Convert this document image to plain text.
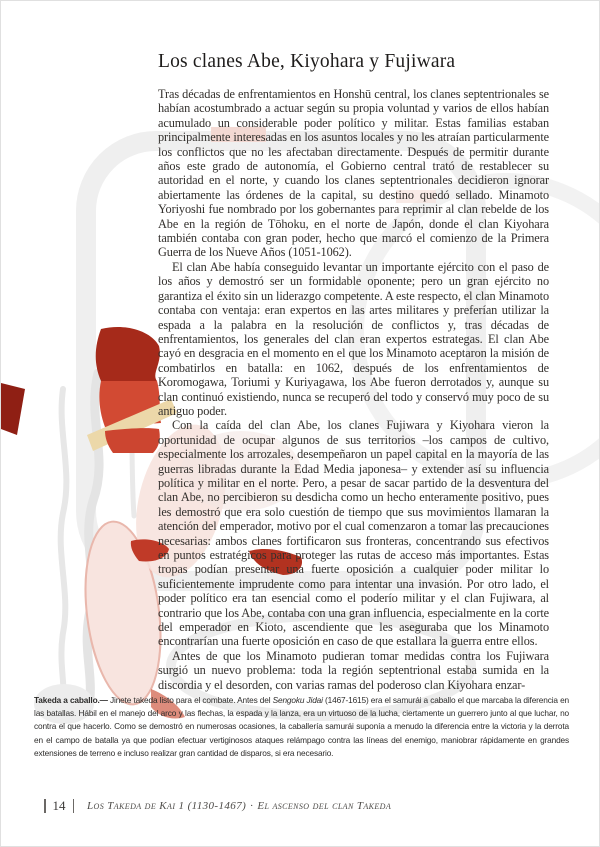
Los clanes Abe, Kiyohara y Fujiwara

Tras décadas de enfrentamientos en Honshū central, los clanes septentrionales se habían acostumbrado a actuar según su propia voluntad y varios de ellos habían acumulado un considerable poder político y militar. Estas familias estaban principalmente interesadas en los asuntos locales y no les atraían particularmente los conflictos que no les afectaban directamente. Después de permitir durante años este grado de autonomía, el Gobierno central trató de restablecer su autoridad en el norte, y cuando los clanes septentrionales decidieron ignorar abiertamente las órdenes de la capital, su destino quedó sellado. Minamoto Yoriyoshi fue nombrado por los gobernantes para reprimir al clan rebelde de los Abe en la región de Tōhoku, en el norte de Japón, donde el clan Kiyohara también contaba con gran poder, hecho que marcó el comienzo de la Primera Guerra de los Nueve Años (1051-1062).

El clan Abe había conseguido levantar un importante ejército con el paso de los años y demostró ser un formidable oponente; pero un gran ejército no garantiza el éxito sin un liderazgo competente. A este respecto, el clan Minamoto contaba con ventaja: eran expertos en las artes militares y preferían utilizar la espada a la palabra en la resolución de conflictos y, tras décadas de enfrentamientos, los generales del clan eran expertos estrategas. El clan Abe cayó en desgracia en el momento en el que los Minamoto aceptaron la misión de combatirlos en batalla: en 1062, después de los enfrentamientos de Koromogawa, Toriumi y Kuriyagawa, los Abe fueron derrotados y, aunque su clan continuó existiendo, nunca se recuperó del todo y conservó muy poco de su antiguo poder.

Con la caída del clan Abe, los clanes Fujiwara y Kiyohara vieron la oportunidad de ocupar algunos de sus territorios –los campos de cultivo, especialmente los arrozales, desempeñaron un papel capital en la mayoría de las guerras libradas durante la Edad Media japonesa– y extender así su influencia política y militar en el norte. Pero, a pesar de sacar partido de la desventura del clan Abe, no percibieron su desdicha como un hecho enteramente positivo, pues les demostró que era solo cuestión de tiempo que sus movimientos llamaran la atención del emperador, motivo por el cual comenzaron a tomar las precauciones necesarias: ambos clanes fortificaron sus fronteras, concentrando sus efectivos en puntos estratégicos para proteger las rutas de acceso más importantes. Estas tropas podían presentar una fuerte oposición a cualquier poder militar lo suficientemente imprudente como para intentar una invasión. Por otro lado, el poder político era tan esencial como el poderío militar y el clan Fujiwara, al contrario que los Abe, contaba con una gran influencia, especialmente en la corte del emperador en Kioto, ascendiente que les aseguraba que los Minamoto encontrarían una fuerte oposición en caso de que estallara la guerra entre ellos.

Antes de que los Minamoto pudieran tomar medidas contra los Fujiwara surgió un nuevo problema: toda la región septentrional estaba sumida en la discordia y el desorden, con varias ramas del poderoso clan Kiyohara enzar-

Takeda a caballo.— Jinete takeda listo para el combate. Antes del Sengoku Jidai (1467-1615) era el samurái a caballo el que marcaba la diferencia en las batallas. Hábil en el manejo del arco y las flechas, la espada y la lanza, era un virtuoso de la lucha, ciertamente un guerrero junto al que luchar, no contra el que hacerlo. Como se demostró en numerosas ocasiones, la caballería samurái suponía a menudo la diferencia entre la victoria y la derrota en el campo de batalla ya que podían efectuar vertiginosos ataques relámpago contra las líneas del enemigo, maniobrar rápidamente en grandes extensiones de terreno e incluso realizar gran cantidad de disparos, si era necesario.

14 Los Takeda de Kai 1 (1130-1467) · El ascenso del clan Takeda
